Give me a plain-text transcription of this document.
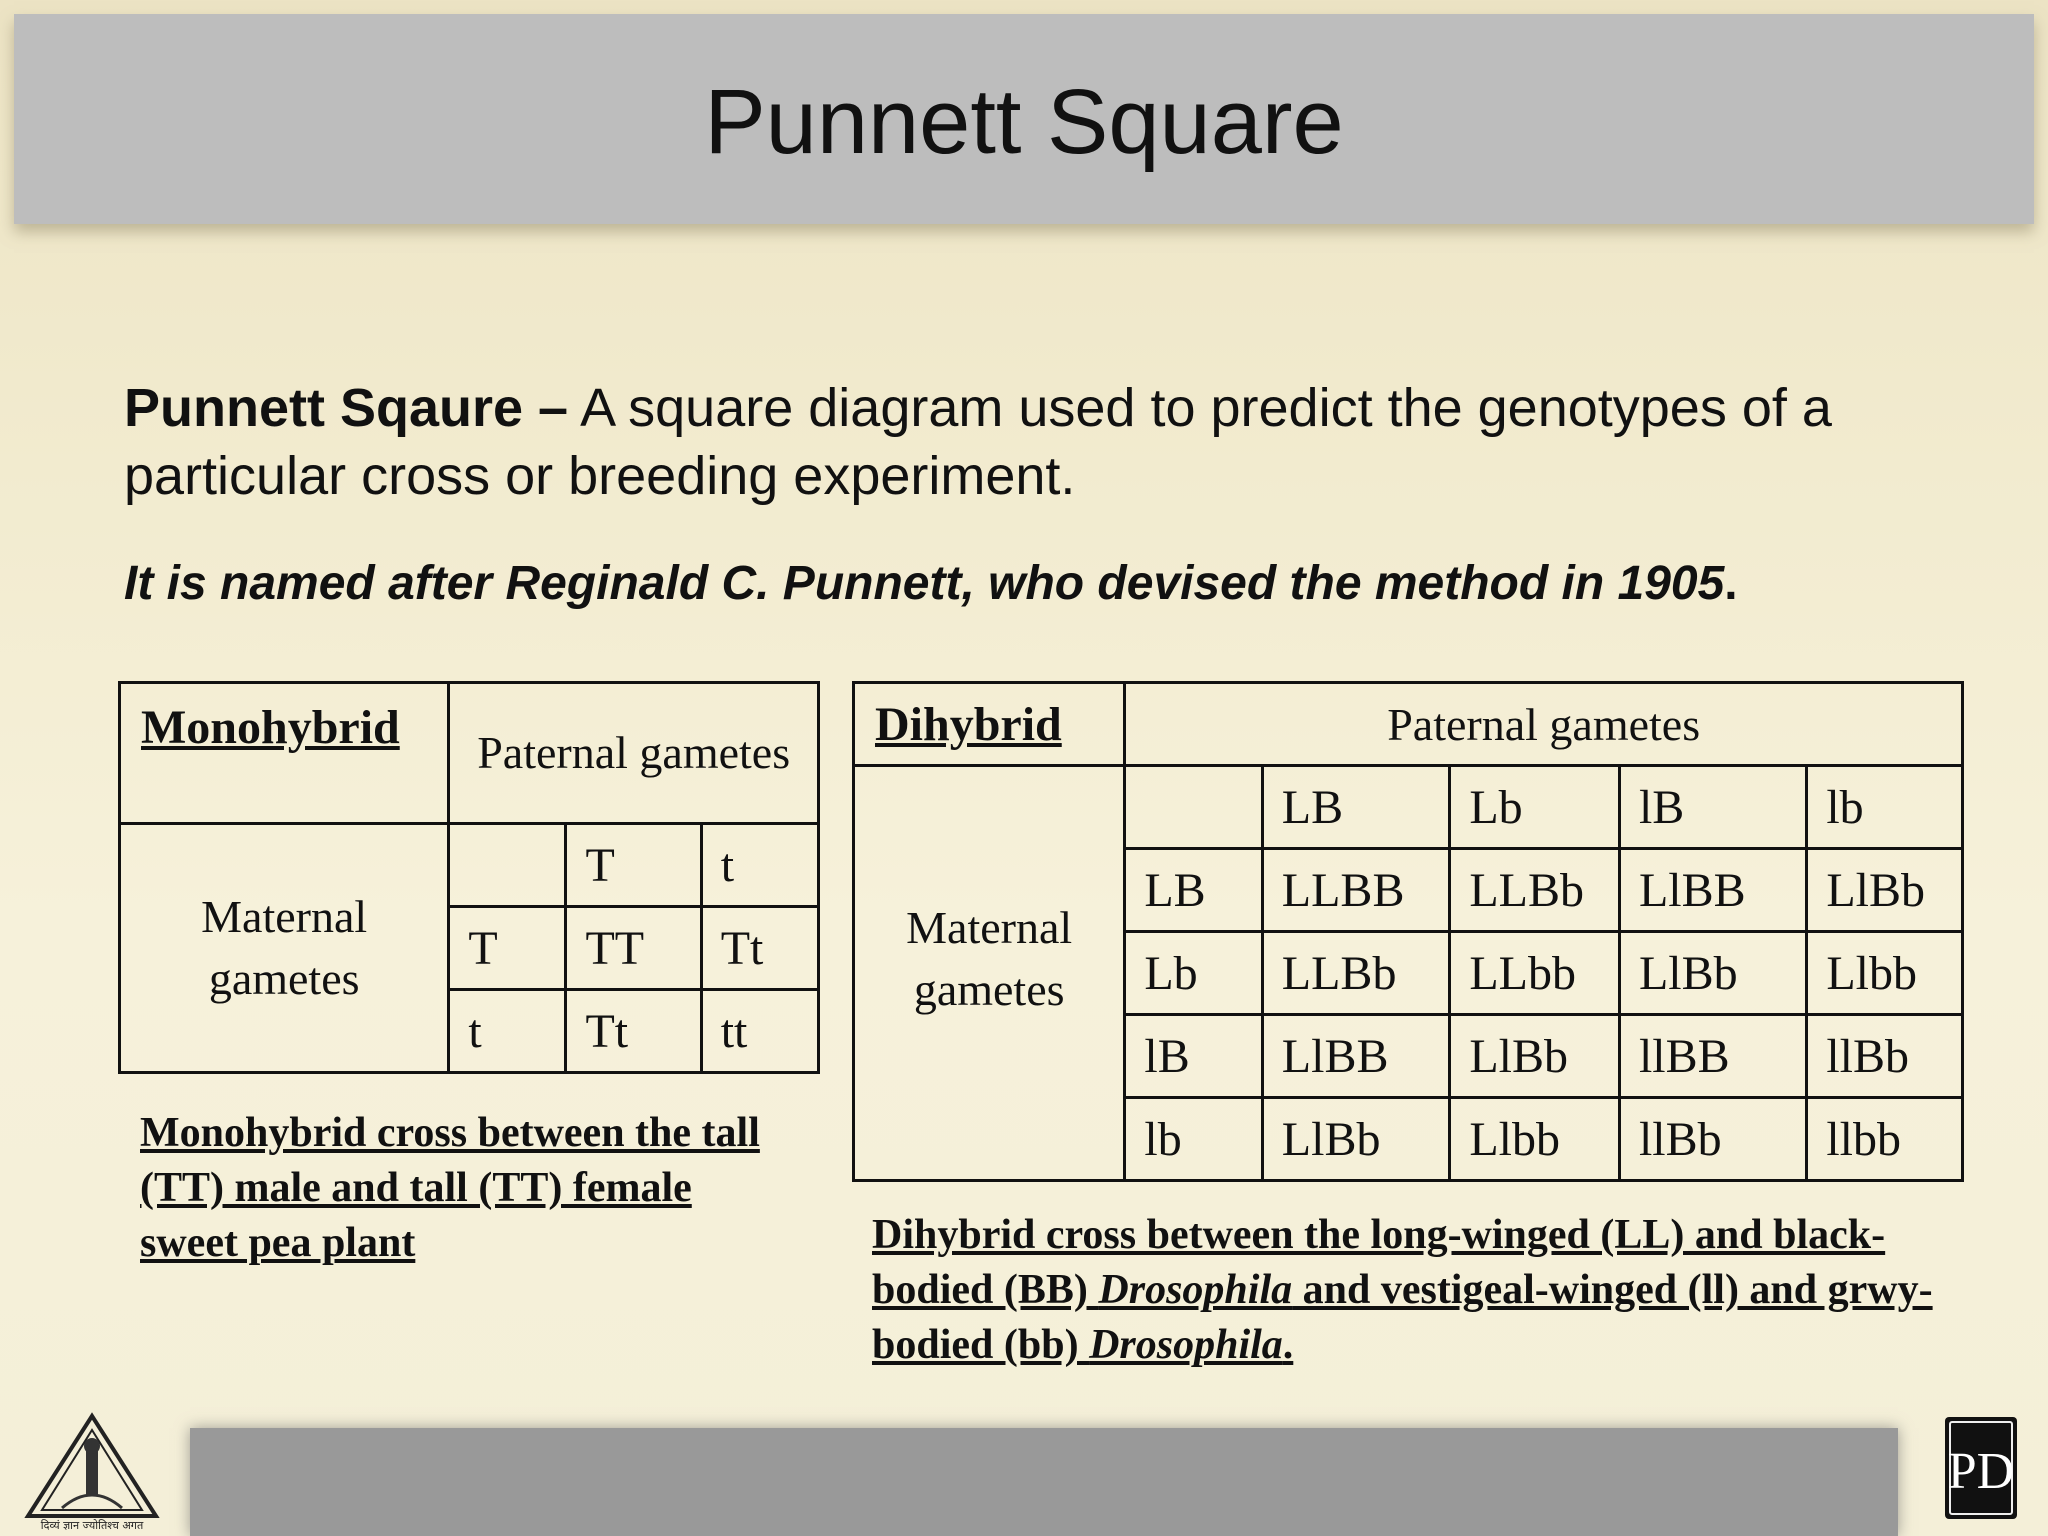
Punnett Square
Punnett Sqaure – A square diagram used to predict the genotypes of a particular cross or breeding experiment.
It is named after Reginald C. Punnett, who devised the method in 1905.
Monohybrid	Paternal gametes		
Maternal gametes		T	t
	T	TT	Tt
	t	Tt	tt
Monohybrid cross between the tall (TT) male and tall (TT) female sweet pea plant
Dihybrid	Paternal gametes				
Maternal gametes		LB	Lb	lB	lb
	LB	LLBB	LLBb	LlBB	LlBb
	Lb	LLBb	LLbb	LlBb	Llbb
	lB	LlBB	LlBb	llBB	llBb
	lb	LlBb	Llbb	llBb	llbb
Dihybrid cross between the long-winged (LL) and black-bodied (BB) Drosophila and vestigeal-winged (ll) and grwy-bodied (bb) Drosophila.
दिव्यं ज्ञान ज्योतिश्च अगत
PD
